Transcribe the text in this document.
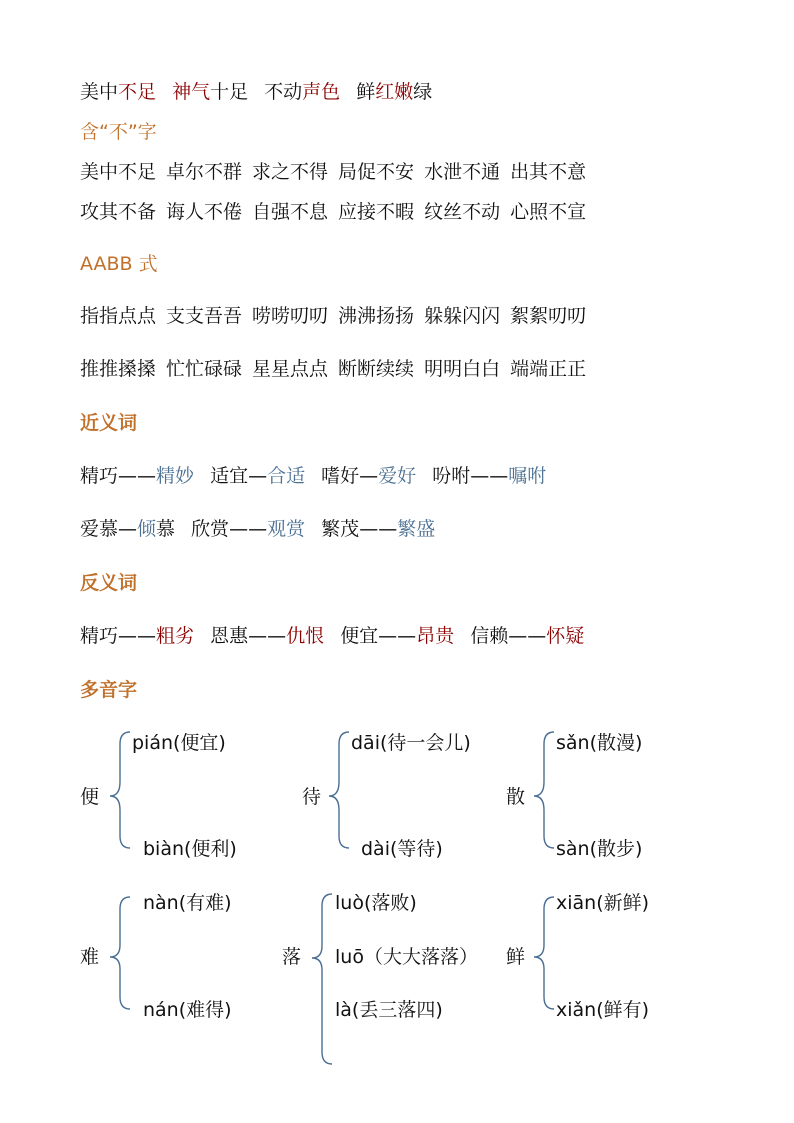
美中不足 神气十足 不动声色 鲜红嫩绿
含“不”字
美中不足 卓尔不群 求之不得 局促不安 水泄不通 出其不意
攻其不备 诲人不倦 自强不息 应接不暇 纹丝不动 心照不宣
AABB 式
指指点点 支支吾吾 唠唠叨叨 沸沸扬扬 躲躲闪闪 絮絮叨叨
推推搡搡 忙忙碌碌 星星点点 断断续续 明明白白 端端正正
近义词
精巧——精妙 适宜—合适 嗜好—爱好 吩咐——嘱咐
爱慕—倾慕 欣赏——观赏 繁茂——繁盛
反义词
精巧——粗劣 恩惠——仇恨 便宜——昂贵 信赖——怀疑
多音字
便
pián(便宜)
biàn(便利)
待
dāi(待一会儿)
dài(等待)
散
sǎn(散漫)
sàn(散步)
难
nàn(有难)
nán(难得)
落
luò(落败)
luō（大大落落）
là(丢三落四)
鲜
xiān(新鲜)
xiǎn(鲜有)
